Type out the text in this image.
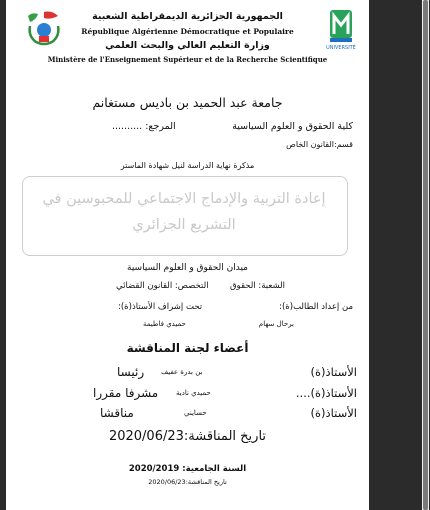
UNIVERSITÉ
الجمهورية الجزائرية الديمقراطية الشعبية
République Algérienne Démocratique et Populaire
وزارة التعليم العالي والبحث العلمي
Ministère de l'Enseignement Supérieur et de la Recherche Scientifique
جامعة عبد الحميد بن باديس مستغانم
كلية الحقوق و العلوم السياسية
المرجع: ..........
قسم:القانون الخاص
مذكرة نهاية الدراسة لنيل شهادة الماستر
إعادة التربية والإدماج الاجتماعي للمحبوسين في التشريع الجزائري
ميدان الحقوق و العلوم السياسية
الشعبة: الحقوق
التخصص: القانون القضائي
من إعداد الطالب(ة):
تحت إشراف الأستاذ(ة):
برحال سهام
حميدي فاطيمة
أعضاء لجنة المناقشة
الأستاذ(ة)
بن بدرة عفيف
رئيسا
الأستاذ(ة)....
حميدي نادية
مشرفا مقررا
الأستاذ(ة)
حسايني
مناقشا
تاريخ المناقشة:2020/06/23
السنة الجامعية: 2020/2019
تاريخ المناقشة:2020/06/23
